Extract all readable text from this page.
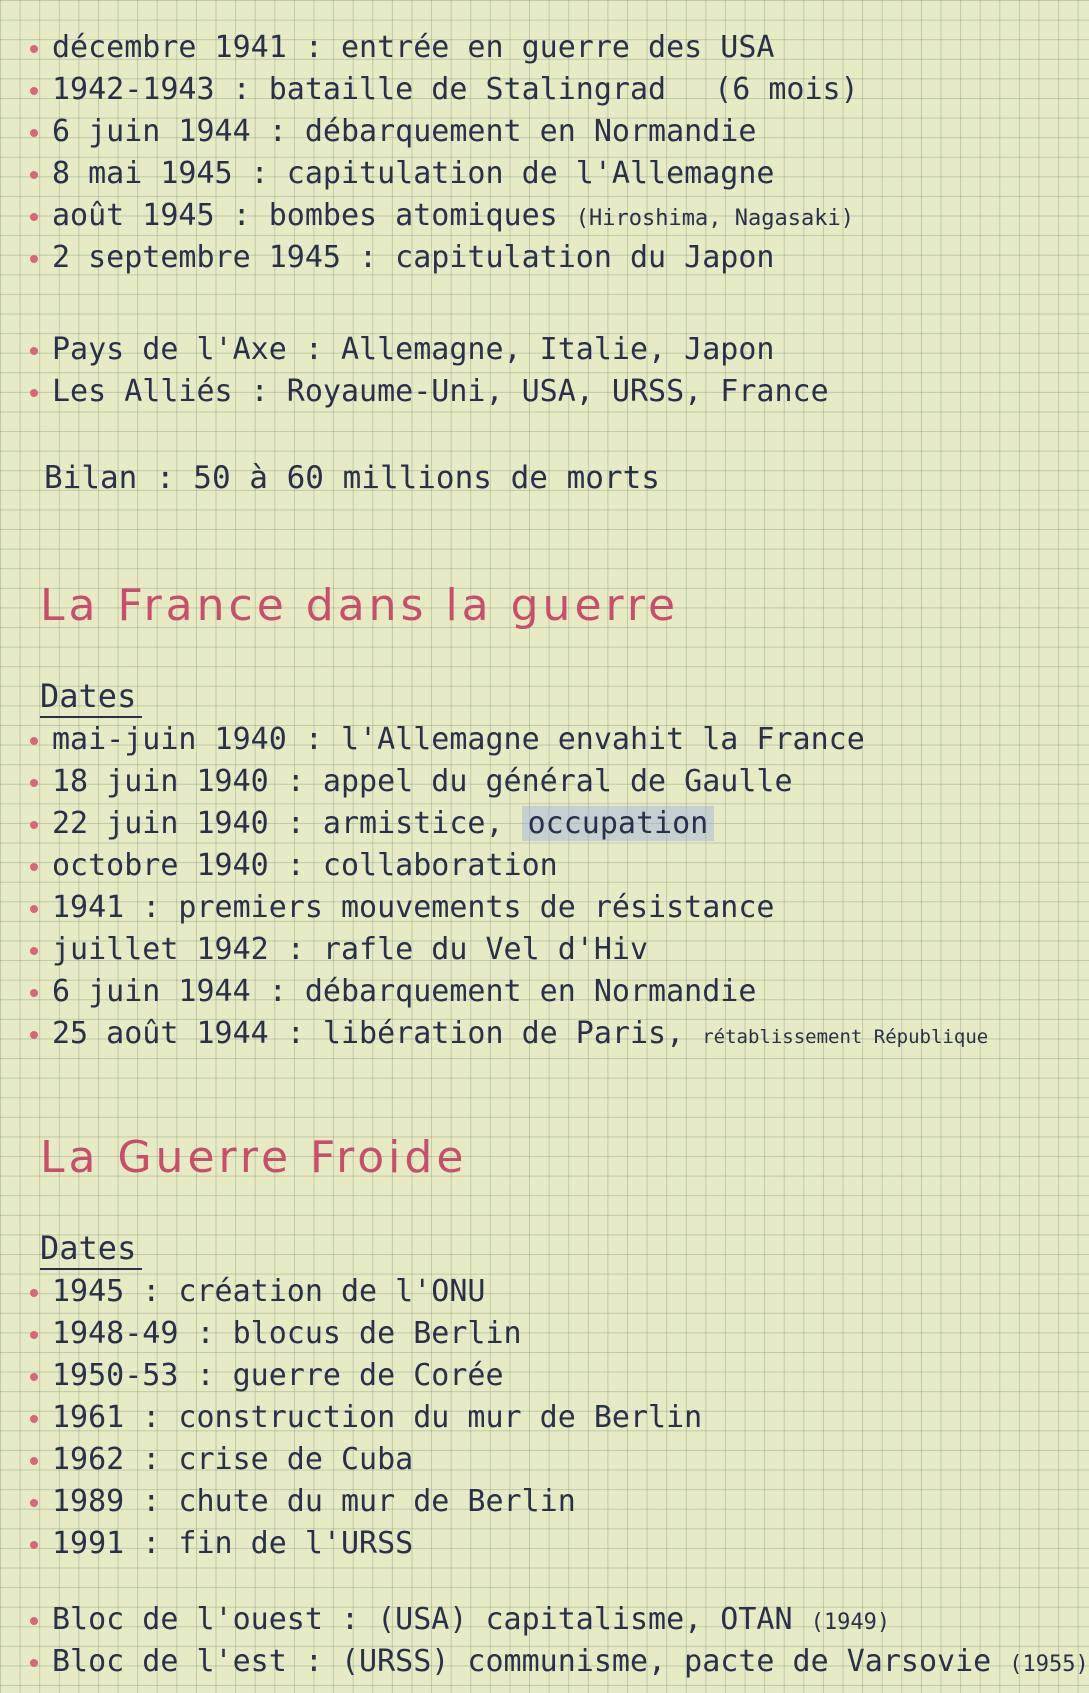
décembre 1941 : entrée en guerre des USA
1942-1943 : bataille de Stalingrad (6 mois)
6 juin 1944 : débarquement en Normandie
8 mai 1945 : capitulation de l'Allemagne
août 1945 : bombes atomiques (Hiroshima, Nagasaki)
2 septembre 1945 : capitulation du Japon
Pays de l'Axe : Allemagne, Italie, Japon
Les Alliés : Royaume-Uni, USA, URSS, France
Bilan : 50 à 60 millions de morts
La France dans la guerre
Dates
mai-juin 1940 : l'Allemagne envahit la France
18 juin 1940 : appel du général de Gaulle
22 juin 1940 : armistice, occupation
octobre 1940 : collaboration
1941 : premiers mouvements de résistance
juillet 1942 : rafle du Vel d'Hiv
6 juin 1944 : débarquement en Normandie
25 août 1944 : libération de Paris, rétablissement République
La Guerre Froide
Dates
1945 : création de l'ONU
1948-49 : blocus de Berlin
1950-53 : guerre de Corée
1961 : construction du mur de Berlin
1962 : crise de Cuba
1989 : chute du mur de Berlin
1991 : fin de l'URSS
Bloc de l'ouest : (USA) capitalisme, OTAN (1949)
Bloc de l'est : (URSS) communisme, pacte de Varsovie (1955)
